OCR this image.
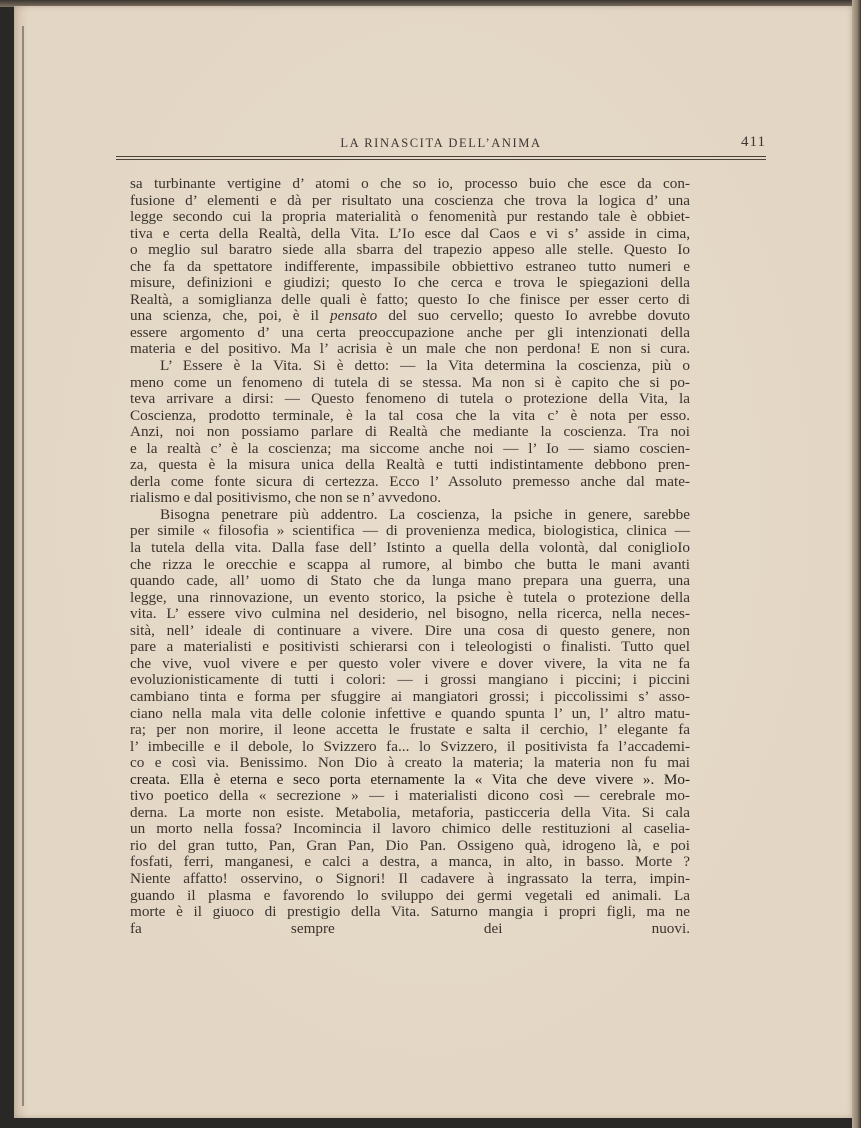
LA RINASCITA DELL’ANIMA	411
sa turbinante vertigine d’ atomi o che so io, processo buio che esce da con-
fusione d’ elementi e dà per risultato una coscienza che trova la logica d’ una
legge secondo cui la propria materialità o fenomenità pur restando tale è obbiet-
tiva e certa della Realtà, della Vita. L’Io esce dal Caos e vi s’ asside in cima,
o meglio sul baratro siede alla sbarra del trapezio appeso alle stelle. Questo Io
che fa da spettatore indifferente, impassibile obbiettivo estraneo tutto numeri e
misure, definizioni e giudizi; questo Io che cerca e trova le spiegazioni della
Realtà, a somiglianza delle quali è fatto; questo Io che finisce per esser certo di
una scienza, che, poi, è il pensato del suo cervello; questo Io avrebbe dovuto
essere argomento d’ una certa preoccupazione anche per gli intenzionati della
materia e del positivo. Ma l’ acrisia è un male che non perdona! E non si cura.
L’ Essere è la Vita. Si è detto: — la Vita determina la coscienza, più o
meno come un fenomeno di tutela di se stessa. Ma non si è capito che si po-
teva arrivare a dirsi: — Questo fenomeno di tutela o protezione della Vita, la
Coscienza, prodotto terminale, è la tal cosa che la vita c’ è nota per esso.
Anzi, noi non possiamo parlare di Realtà che mediante la coscienza. Tra noi
e la realtà c’ è la coscienza; ma siccome anche noi — l’ Io — siamo coscien-
za, questa è la misura unica della Realtà e tutti indistintamente debbono pren-
derla come fonte sicura di certezza. Ecco l’ Assoluto premesso anche dal mate-
rialismo e dal positivismo, che non se n’ avvedono.
Bisogna penetrare più addentro. La coscienza, la psiche in genere, sarebbe
per simile « filosofia » scientifica — di provenienza medica, biologistica, clinica —
la tutela della vita. Dalla fase dell’ Istinto a quella della volontà, dal coniglioIo
che rizza le orecchie e scappa al rumore, al bimbo che butta le mani avanti
quando cade, all’ uomo di Stato che da lunga mano prepara una guerra, una
legge, una rinnovazione, un evento storico, la psiche è tutela o protezione della
vita. L’ essere vivo culmina nel desiderio, nel bisogno, nella ricerca, nella neces-
sità, nell’ ideale di continuare a vivere. Dire una cosa di questo genere, non
pare a materialisti e positivisti schierarsi con i teleologisti o finalisti. Tutto quel
che vive, vuol vivere e per questo voler vivere e dover vivere, la vita ne fa
evoluzionisticamente di tutti i colori: — i grossi mangiano i piccini; i piccini
cambiano tinta e forma per sfuggire ai mangiatori grossi; i piccolissimi s’ asso-
ciano nella mala vita delle colonie infettive e quando spunta l’ un, l’ altro matu-
ra; per non morire, il leone accetta le frustate e salta il cerchio, l’ elegante fa
l’ imbecille e il debole, lo Svizzero fa... lo Svizzero, il positivista fa l’accademi-
co e così via. Benissimo. Non Dio à creato la materia; la materia non fu mai
creata. Ella è eterna e seco porta eternamente la « Vita che deve vivere ». Mo-
tivo poetico della « secrezione » — i materialisti dicono così — cerebrale mo-
derna. La morte non esiste. Metabolia, metaforia, pasticceria della Vita. Si cala
un morto nella fossa? Incomincia il lavoro chimico delle restituzioni al caselia-
rio del gran tutto, Pan, Gran Pan, Dio Pan. Ossigeno quà, idrogeno là, e poi
fosfati, ferri, manganesi, e calci a destra, a manca, in alto, in basso. Morte ?
Niente affatto! osservino, o Signori! Il cadavere à ingrassato la terra, impin-
guando il plasma e favorendo lo sviluppo dei germi vegetali ed animali. La
morte è il giuoco di prestigio della Vita. Saturno mangia i propri figli, ma ne
fa sempre dei nuovi.
